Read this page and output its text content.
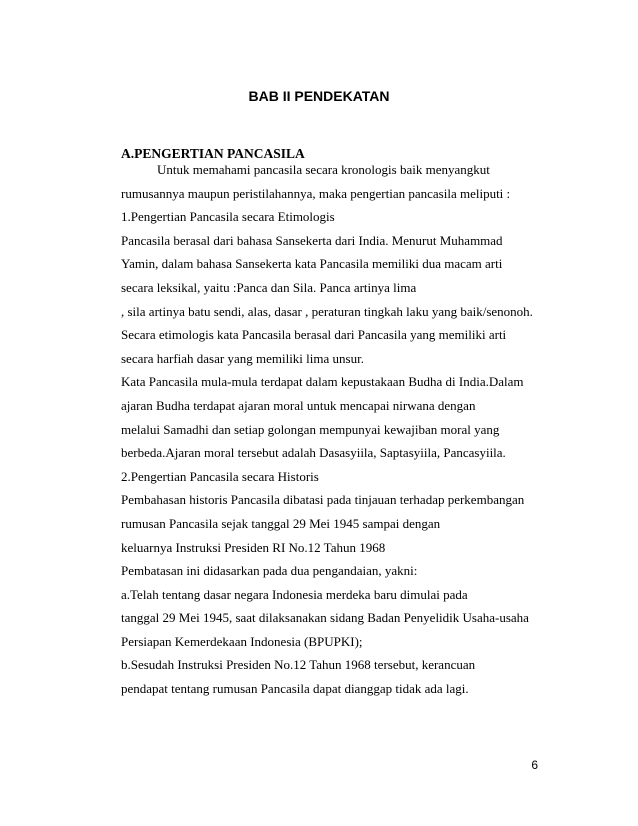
BAB II PENDEKATAN
A.PENGERTIAN PANCASILA

Untuk memahami pancasila secara kronologis baik menyangkut

rumusannya maupun peristilahannya, maka pengertian pancasila meliputi :

1.Pengertian Pancasila secara Etimologis

Pancasila berasal dari bahasa Sansekerta dari India. Menurut Muhammad

Yamin, dalam bahasa Sansekerta kata Pancasila memiliki dua macam arti

secara leksikal, yaitu :Panca dan Sila. Panca artinya lima

, sila artinya batu sendi, alas, dasar , peraturan tingkah laku yang baik/senonoh.

Secara etimologis kata Pancasila berasal dari Pancasila yang memiliki arti

secara harfiah dasar yang memiliki lima unsur.

Kata Pancasila mula-mula terdapat dalam kepustakaan Budha di India.Dalam

ajaran Budha terdapat ajaran moral untuk mencapai nirwana dengan

melalui Samadhi dan setiap golongan mempunyai kewajiban moral yang

berbeda.Ajaran moral tersebut adalah Dasasyiila, Saptasyiila, Pancasyiila.

2.Pengertian Pancasila secara Historis

Pembahasan historis Pancasila dibatasi pada tinjauan terhadap perkembangan

rumusan Pancasila sejak tanggal 29 Mei 1945 sampai dengan

keluarnya Instruksi Presiden RI No.12 Tahun 1968

Pembatasan ini didasarkan pada dua pengandaian, yakni:

a.Telah tentang dasar negara Indonesia merdeka baru dimulai pada

tanggal 29 Mei 1945, saat dilaksanakan sidang Badan Penyelidik Usaha-usaha

Persiapan Kemerdekaan Indonesia (BPUPKI);

b.Sesudah Instruksi Presiden No.12 Tahun 1968 tersebut, kerancuan

pendapat tentang rumusan Pancasila dapat dianggap tidak ada lagi.

6
